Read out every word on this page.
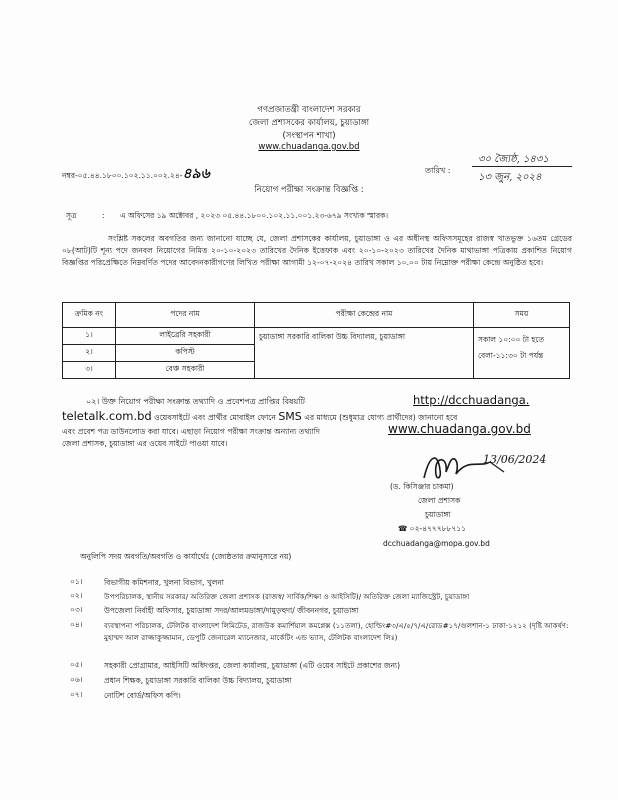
গণপ্রজাতন্ত্রী বাংলাদেশ সরকার
জেলা প্রশাসকের কার্যালয়, চুয়াডাঙ্গা
(সংস্থাপন শাখা)
www.chuadanga.gov.bd
নম্বর-০৫.৪৪.১৮০০.১০২.১১.০০২.২৪-৪৯৬	তারিখ :
৩০ জ্যৈষ্ঠ, ১৪৩১
১৩ জুন, ২০২৪
নিয়োগ পরীক্ষা সংক্রান্ত বিজ্ঞপ্তি :
সূত্র	: এ অফিসের ১৯ অক্টোবর , ২০২৩ ০৫.৪৪.১৮০০.১০২.১১.০০১.২৩-৬৭৯ সংখ্যক স্মারক।
সংশ্লিষ্ট সকলের অবগতির জন্য জানানো যাচ্ছে যে, জেলা প্রশাসকের কার্যালয়, চুয়াডাঙ্গা ও এর অধীনস্থ অফিসসমূহের রাজস্ব খাতভুক্ত ১৬তম গ্রেডের ০৮(আট)টি শূন্য পদে জনবল নিয়োগের নিমিত্ত ২০-১০-২০২৩ তারিখের দৈনিক ইত্তেফাক এবং ২০-১০-২০২৩ তারিখের দৈনিক মাথাভাঙ্গা পত্রিকায় প্রকাশিত নিয়োগ বিজ্ঞপ্তির পরিপ্রেক্ষিতে নিম্নবর্ণিত পদের আবেদনকারীগণের লিখিত পরীক্ষা আগামী ১২-০৭-২০২৪ তারিখ সকাল ১০.০০ টায় নিম্নোক্ত পরীক্ষা কেন্দ্রে অনুষ্ঠিত হবে।
ক্রমিক নং	পদের নাম	পরীক্ষা কেন্দ্রের নাম	সময়
১।	লাইব্রেরি সহকারী	চুয়াডাঙ্গা সরকারি বালিকা উচ্চ বিদ্যালয়, চুয়াডাঙ্গা	সকাল ১০:০০ টা হতে
বেলা-১১:৩০ টা পর্যন্ত

২।	কপিস্ট		
৩।	বেঞ্চ সহকারী		
০২। উক্ত নিয়োগ পরীক্ষা সংক্রান্ত তথ্যাদি ও প্রবেশপত্র প্রাপ্তির বিষয়টি	http://dcchuadanga.
teletalk.com.bd ওয়েবসাইটে এবং প্রার্থীর মোবাইল ফোনে SMS এর মাধ্যমে (শুধুমাত্র যোগ্য প্রার্থীদের) জানানো হবে
এবং প্রবেশ পত্র ডাউনলোড করা যাবে। এছাড়া নিয়োগ পরীক্ষা সংক্রান্ত অন্যান্য তথ্যাদি	www.chuadanga.gov.bd
জেলা প্রশাসক, চুয়াডাঙ্গা এর ওয়েব সাইটে পাওয়া যাবে।
13/06/2024
(ড. কিসিঞ্জার চাকমা)
জেলা প্রশাসক
চুয়াডাঙ্গা
☎ ০২-৪৭৭৭৮৮৭১১
dcchuadanga@mopa.gov.bd
অনুলিপি সদয় অবগতি/অবগতি ও কার্যার্থেঃ (জ্যেষ্ঠতার ক্রমানুসারে নয়)
০১।	বিভাগীয় কমিশনার, খুলনা বিভাগ, খুলনা
০২।	উপপরিচালক, স্থানীয় সরকার/ অতিরিক্ত জেলা প্রশাসক (রাজস্ব/ সার্বিক/শিক্ষা ও আইসিটি)/ অতিরিক্ত জেলা ম্যাজিস্ট্রেট, চুয়াডাঙ্গা
০৩।	উপজেলা নির্বাহী অফিসার, চুয়াডাঙ্গা সদর/আলমডাঙ্গা/দামুড়হুদা/ জীবননগর, চুয়াডাঙ্গা
০৪।	ব্যবস্থাপনা পরিচালক, টেলিটক বাংলাদেশ লিমিটেড, রাজউক কমার্শিয়াল কমপ্লেক্স (১১তলা), হোল্ডিং#৩/এ/৫/৭/এ/রোড#১৭/গুলশান-১ ঢাকা-১২১২ (দৃষ্টি আকর্ষণ: মুহাম্মদ আল রাজ্জাকুজ্জামান, ডেপুটি জেনারেল ম্যানেজার, মার্কেটিং এন্ড ভ্যাস, টেলিটক বাংলাদেশ লিঃ)
০৫।	সহকারী প্রোগ্রামার, আইসিটি অধিদপ্তর, জেলা কার্যালয়, চুয়াডাঙ্গা (এটি ওয়েব সাইটে প্রকাশের জন্য)
০৬।	প্রধান শিক্ষক, চুয়াডাঙ্গা সরকারি বালিকা উচ্চ বিদ্যালয়, চুয়াডাঙ্গা
০৭।	নোটিশ বোর্ড/অফিস কপি।
